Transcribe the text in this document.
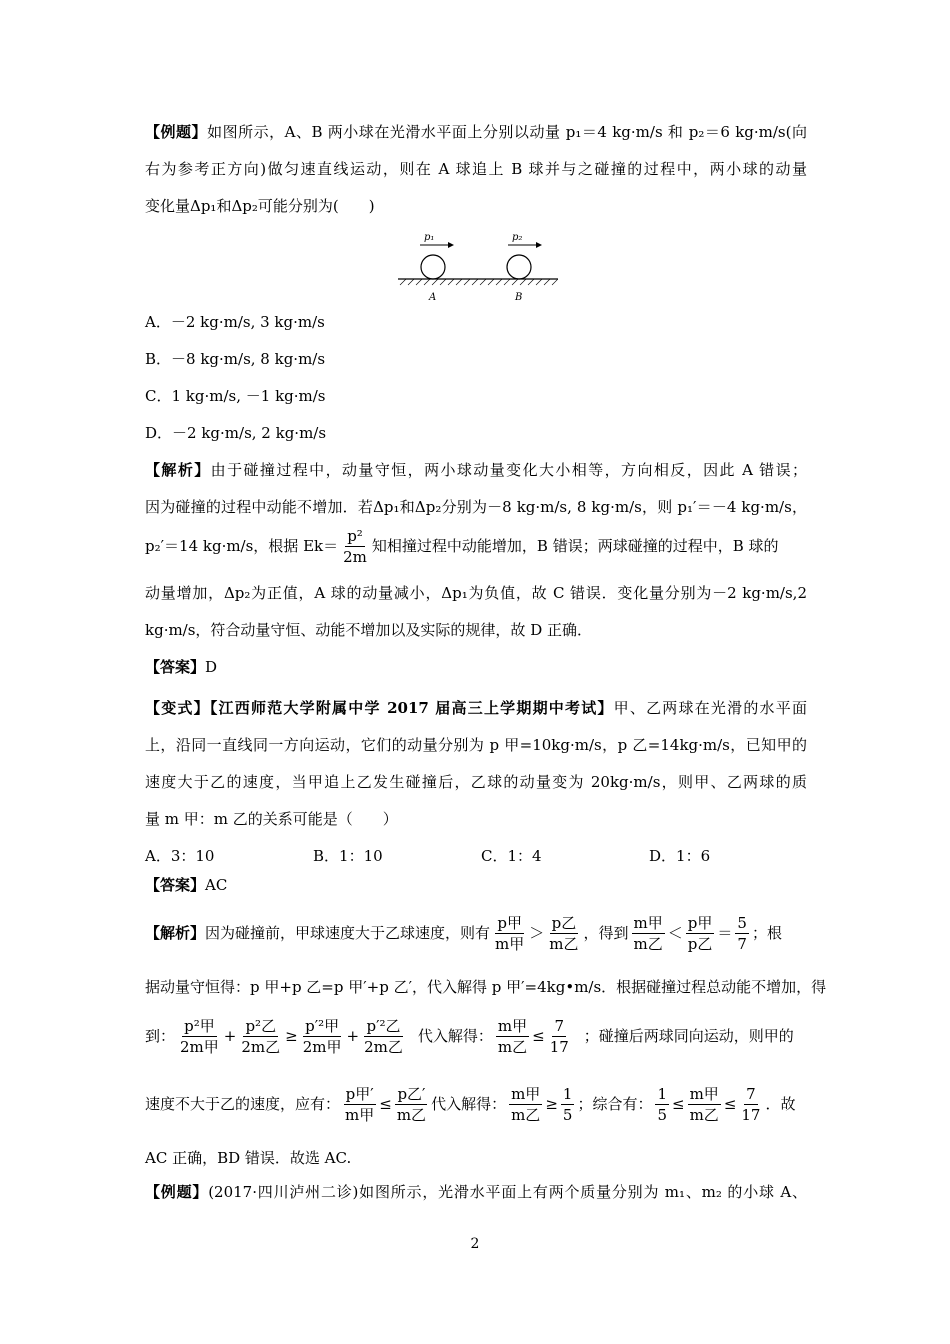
【例题】如图所示，A、B 两小球在光滑水平面上分别以动量 p₁＝4 kg·m/s 和 p₂＝6 kg·m/s(向
右为参考正方向)做匀速直线运动，则在 A 球追上 B 球并与之碰撞的过程中，两小球的动量
变化量Δp₁和Δp₂可能分别为(　　)
p₁	p₂
A	B
A．－2 kg·m/s, 3 kg·m/s
B．－8 kg·m/s, 8 kg·m/s
C．1 kg·m/s, －1 kg·m/s
D．－2 kg·m/s, 2 kg·m/s
【解析】由于碰撞过程中，动量守恒，两小球动量变化大小相等，方向相反，因此 A 错误；
因为碰撞的过程中动能不增加．若Δp₁和Δp₂分别为－8 kg·m/s, 8 kg·m/s，则 p₁′＝－4 kg·m/s，
p₂′＝14 kg·m/s，根据 $Ek= \frac{\text{p²}}{2m}$ 知相撞过程中动能增加，B 错误；两球碰撞的过程中，B 球的
动量增加，Δp₂为正值，A 球的动量减小，Δp₁为负值，故 C 错误．变化量分别为－2 kg·m/s,2
kg·m/s，符合动量守恒、动能不增加以及实际的规律，故 D 正确．
【答案】D
【变式】【江西师范大学附属中学 2017 届高三上学期期中考试】甲、乙两球在光滑的水平面
上，沿同一直线同一方向运动，它们的动量分别为 p 甲=10kg·m/s，p 乙=14kg·m/s，已知甲的
速度大于乙的速度，当甲追上乙发生碰撞后，乙球的动量变为 20kg·m/s，则甲、乙两球的质
量 m 甲：m 乙的关系可能是（　　）
A．3：10	B．1：10	C．1：4	D．1：6
【答案】AC
【解析】 因为碰撞前，甲球速度大于乙球速度，则有 $\frac{\text{p甲}}{\text{m甲}} > \frac{\text{p乙}}{\text{m乙}}$ ，得到 $\frac{\text{m甲}}{\text{m乙}} < \frac{\text{p甲}}{\text{p乙}} = \frac{5}{7}$ ；根
据动量守恒得：p 甲+p 乙=p 甲′+p 乙′，代入解得 p 甲′=4kg•m/s．根据碰撞过程总动能不增加，得
到： $\frac{\text{p²甲}}{\text{2m甲}} + \frac{\text{p²乙}}{\text{2m乙}} \ge \frac{\text{p′²甲}}{\text{2m甲}} + \frac{\text{p′²乙}}{\text{2m乙}}$ 代入解得： $\frac{\text{m甲}}{\text{m乙}} \le \frac{7}{17}$ ；碰撞后两球同向运动，则甲的
速度不大于乙的速度，应有： $\frac{\text{p甲′}}{\text{m甲}} \le \frac{\text{p乙′}}{\text{m乙}}$ 代入解得： $\frac{\text{m甲}}{\text{m乙}} \ge \frac{1}{5}$ ；综合有： $\frac{1}{5} \le \frac{\text{m甲}}{\text{m乙}} \le \frac{7}{17}$ ．故
AC 正确，BD 错误．故选 AC.
【例题】(2017·四川泸州二诊)如图所示，光滑水平面上有两个质量分别为 m₁、m₂ 的小球 A、
2
